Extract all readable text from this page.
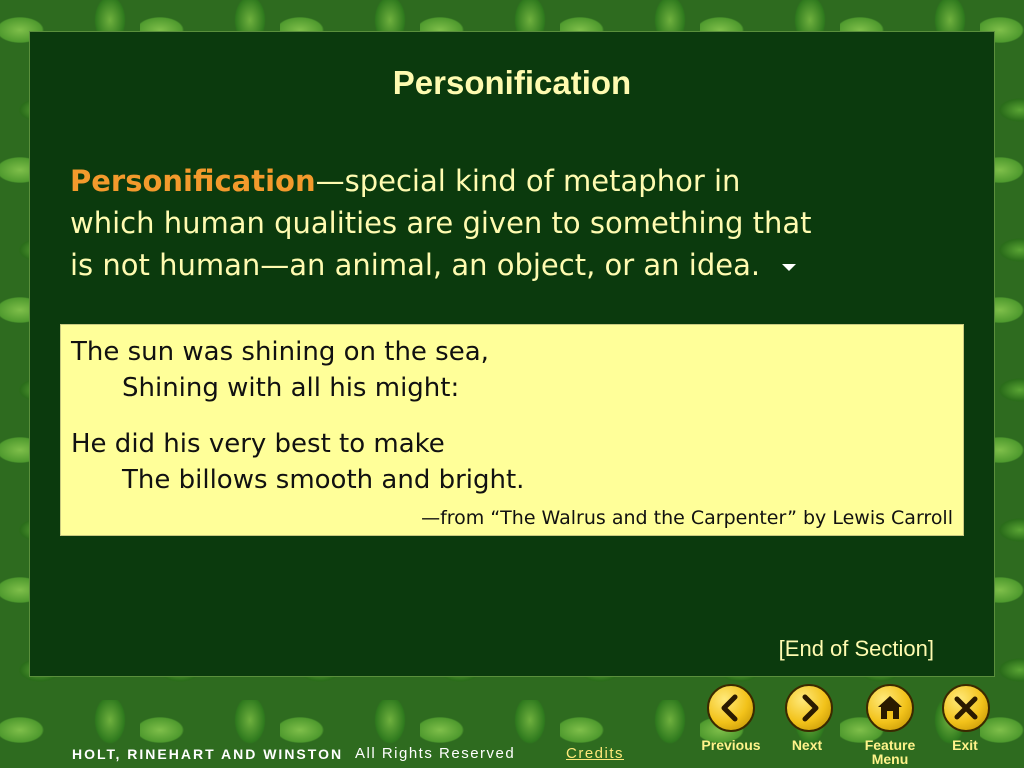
Personification
Personification—special kind of metaphor in
which human qualities are given to something that
is not human—an animal, an object, or an idea.
The sun was shining on the sea,
Shining with all his might:
He did his very best to make
The billows smooth and bright.
—from “The Walrus and the Carpenter” by Lewis Carroll
[End of Section]
Previous	Next	Feature
Menu
Exit
HOLT, RINEHART AND WINSTON All Rights Reserved	Credits
